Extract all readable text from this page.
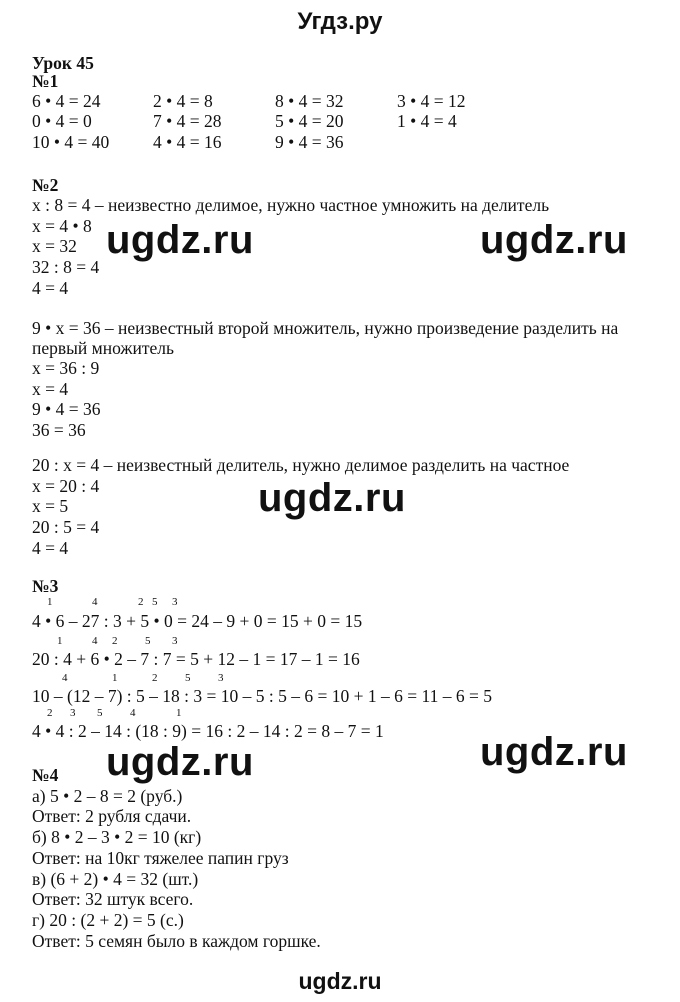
Угдз.ру
Урок 45
№1
6 • 4 = 24	2 • 4 = 8	8 • 4 = 32	3 • 4 = 12
0 • 4 = 0	7 • 4 = 28	5 • 4 = 20	1 • 4 = 4
10 • 4 = 40	4 • 4 = 16	9 • 4 = 36
№2
х : 8 = 4 – неизвестно делимое, нужно частное умножить на делитель
х = 4 • 8
х = 32
32 : 8 = 4
4 = 4
9 • х = 36 – неизвестный второй множитель, нужно произведение разделить на
первый множитель
х = 36 : 9
х = 4
9 • 4 = 36
36 = 36
20 : х = 4 – неизвестный делитель, нужно делимое разделить на частное
х = 20 : 4
х = 5
20 : 5 = 4
4 = 4
№3
1	4	2 5 3
4 • 6 – 27 : 3 + 5 • 0 = 24 – 9 + 0 = 15 + 0 = 15
1	4 2	5 3
20 : 4 + 6 • 2 – 7 : 7 = 5 + 12 – 1 = 17 – 1 = 16
4	1	2	5	3
10 – (12 – 7) : 5 – 18 : 3 = 10 – 5 : 5 – 6 = 10 + 1 – 6 = 11 – 6 = 5
2 3 5	4	1
4 • 4 : 2 – 14 : (18 : 9) = 16 : 2 – 14 : 2 = 8 – 7 = 1
№4
а) 5 • 2 – 8 = 2 (руб.)
Ответ: 2 рубля сдачи.
б) 8 • 2 – 3 • 2 = 10 (кг)
Ответ: на 10кг тяжелее папин груз
в) (6 + 2) • 4 = 32 (шт.)
Ответ: 32 штук всего.
г) 20 : (2 + 2) = 5 (с.)
Ответ: 5 семян было в каждом горшке.
ugdz.ru	ugdz.ru
ugdz.ru
ugdz.ru	ugdz.ru
ugdz.ru
